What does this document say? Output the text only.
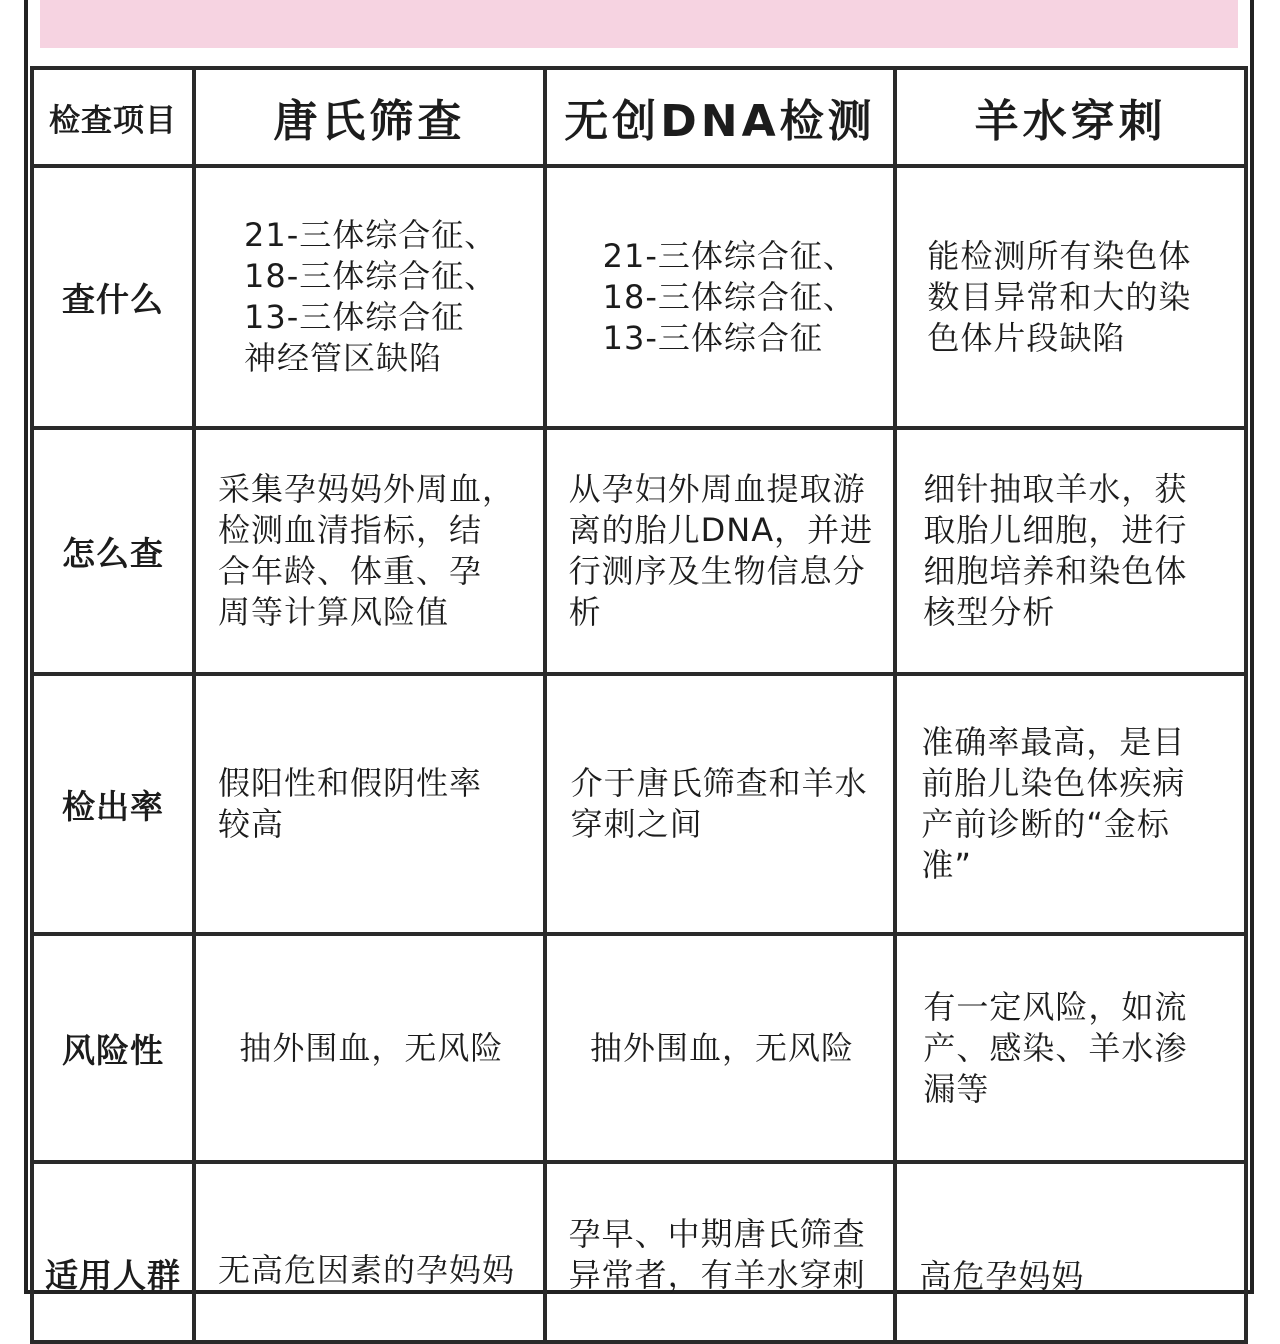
检查项目	唐氏筛查	无创DNA检测	羊水穿刺
查什么	21-三体综合征、
18-三体综合征、
13-三体综合征
神经管区缺陷	21-三体综合征、
18-三体综合征、
13-三体综合征	能检测所有染色体
数目异常和大的染
色体片段缺陷

怎么查	采集孕妈妈外周血，
检测血清指标，结
合年龄、体重、孕
周等计算风险值	从孕妇外周血提取游
离的胎儿DNA，并进
行测序及生物信息分
析	细针抽取羊水，获
取胎儿细胞，进行
细胞培养和染色体
核型分析

检出率	假阳性和假阴性率
较高	介于唐氏筛查和羊水
穿刺之间	准确率最高，是目
前胎儿染色体疾病
产前诊断的“金标
准”

风险性	抽外围血，无风险	抽外围血，无风险	有一定风险，如流
产、感染、羊水渗
漏等

适用人群	无高危因素的孕妈妈	孕早、中期唐氏筛查
异常者，有羊水穿刺	高危孕妈妈
